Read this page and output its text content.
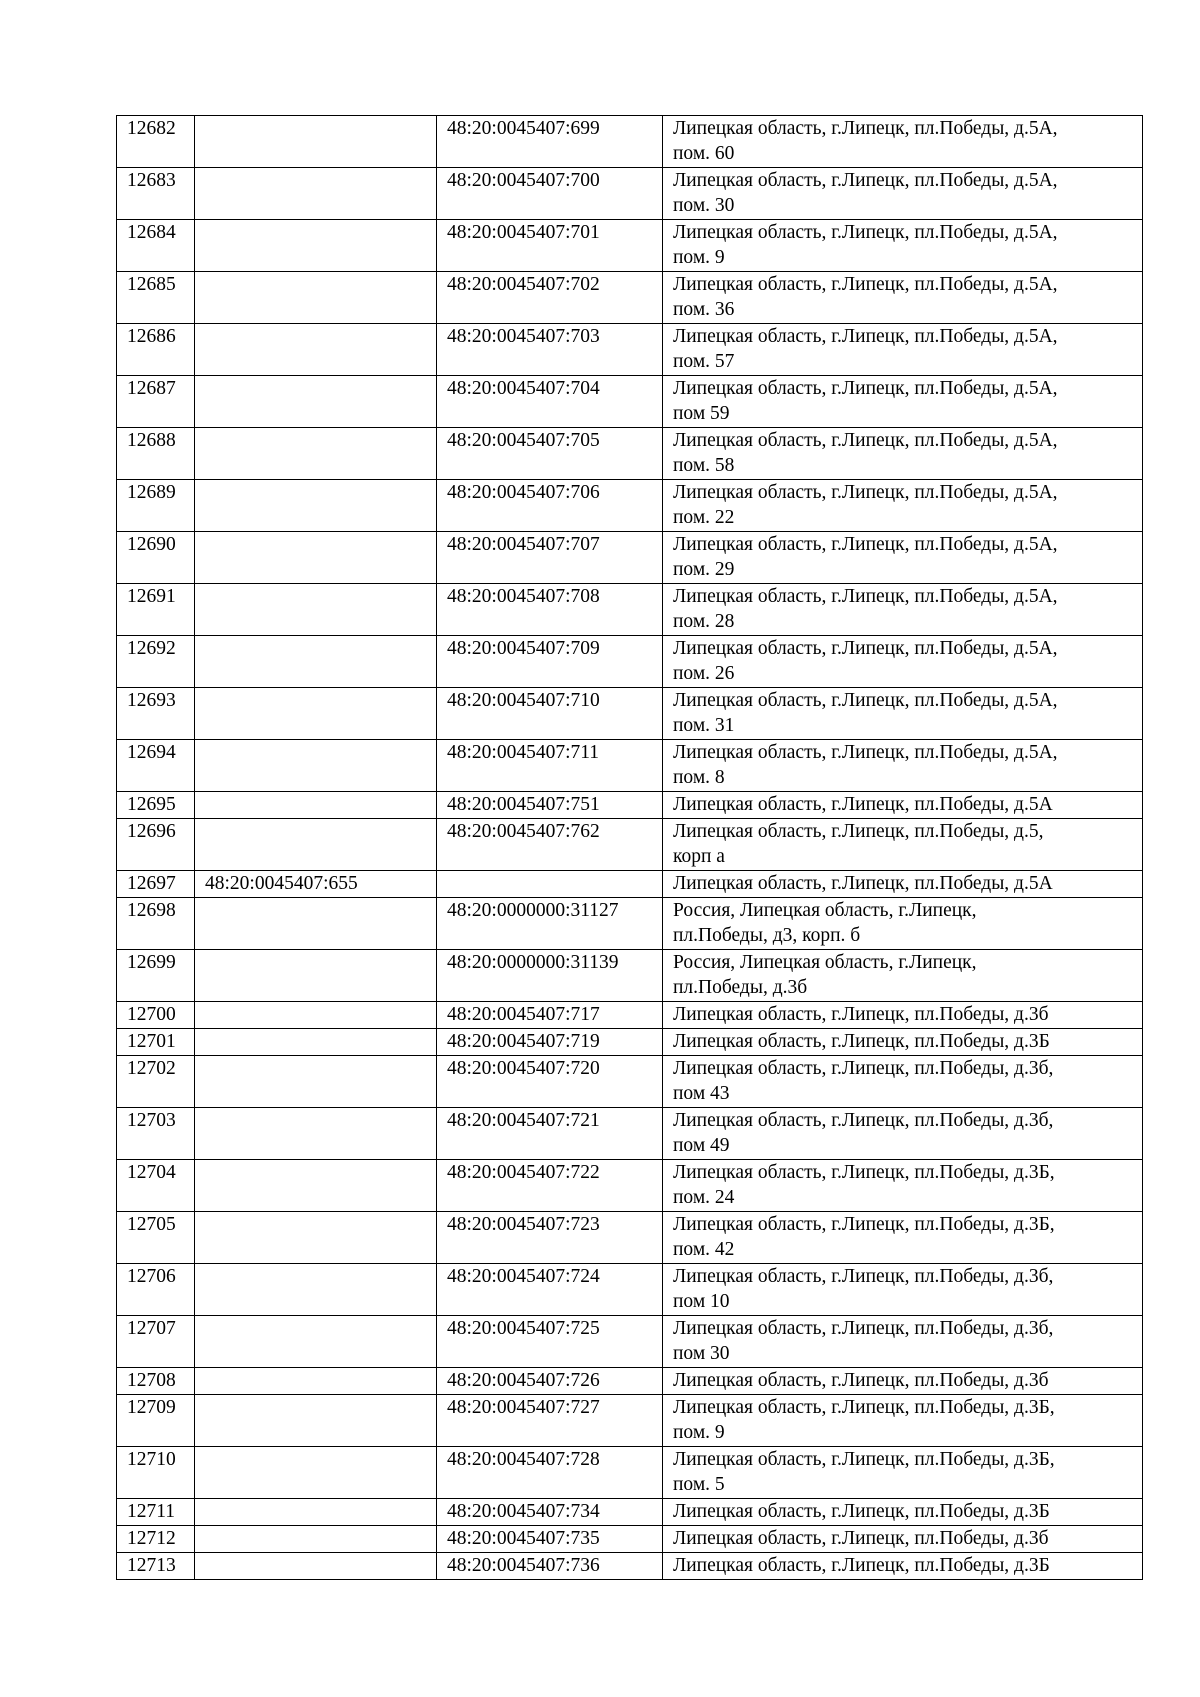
12682		48:20:0045407:699	Липецкая область, г.Липецк, пл.Победы, д.5А,
пом. 60

12683		48:20:0045407:700	Липецкая область, г.Липецк, пл.Победы, д.5А,
пом. 30

12684		48:20:0045407:701	Липецкая область, г.Липецк, пл.Победы, д.5А,
пом. 9

12685		48:20:0045407:702	Липецкая область, г.Липецк, пл.Победы, д.5А,
пом. 36

12686		48:20:0045407:703	Липецкая область, г.Липецк, пл.Победы, д.5А,
пом. 57

12687		48:20:0045407:704	Липецкая область, г.Липецк, пл.Победы, д.5А,
пом 59

12688		48:20:0045407:705	Липецкая область, г.Липецк, пл.Победы, д.5А,
пом. 58

12689		48:20:0045407:706	Липецкая область, г.Липецк, пл.Победы, д.5А,
пом. 22

12690		48:20:0045407:707	Липецкая область, г.Липецк, пл.Победы, д.5А,
пом. 29

12691		48:20:0045407:708	Липецкая область, г.Липецк, пл.Победы, д.5А,
пом. 28

12692		48:20:0045407:709	Липецкая область, г.Липецк, пл.Победы, д.5А,
пом. 26

12693		48:20:0045407:710	Липецкая область, г.Липецк, пл.Победы, д.5А,
пом. 31

12694		48:20:0045407:711	Липецкая область, г.Липецк, пл.Победы, д.5А,
пом. 8

12695		48:20:0045407:751	Липецкая область, г.Липецк, пл.Победы, д.5А

12696		48:20:0045407:762	Липецкая область, г.Липецк, пл.Победы, д.5,
корп а

12697	48:20:0045407:655		Липецкая область, г.Липецк, пл.Победы, д.5А

12698		48:20:0000000:31127	Россия, Липецкая область, г.Липецк,
пл.Победы, д3, корп. б

12699		48:20:0000000:31139	Россия, Липецкая область, г.Липецк,
пл.Победы, д.3б

12700		48:20:0045407:717	Липецкая область, г.Липецк, пл.Победы, д.3б

12701		48:20:0045407:719	Липецкая область, г.Липецк, пл.Победы, д.3Б

12702		48:20:0045407:720	Липецкая область, г.Липецк, пл.Победы, д.3б,
пом 43

12703		48:20:0045407:721	Липецкая область, г.Липецк, пл.Победы, д.3б,
пом 49

12704		48:20:0045407:722	Липецкая область, г.Липецк, пл.Победы, д.3Б,
пом. 24

12705		48:20:0045407:723	Липецкая область, г.Липецк, пл.Победы, д.3Б,
пом. 42

12706		48:20:0045407:724	Липецкая область, г.Липецк, пл.Победы, д.3б,
пом 10

12707		48:20:0045407:725	Липецкая область, г.Липецк, пл.Победы, д.3б,
пом 30

12708		48:20:0045407:726	Липецкая область, г.Липецк, пл.Победы, д.3б

12709		48:20:0045407:727	Липецкая область, г.Липецк, пл.Победы, д.3Б,
пом. 9

12710		48:20:0045407:728	Липецкая область, г.Липецк, пл.Победы, д.3Б,
пом. 5

12711		48:20:0045407:734	Липецкая область, г.Липецк, пл.Победы, д.3Б

12712		48:20:0045407:735	Липецкая область, г.Липецк, пл.Победы, д.3б

12713		48:20:0045407:736	Липецкая область, г.Липецк, пл.Победы, д.3Б
